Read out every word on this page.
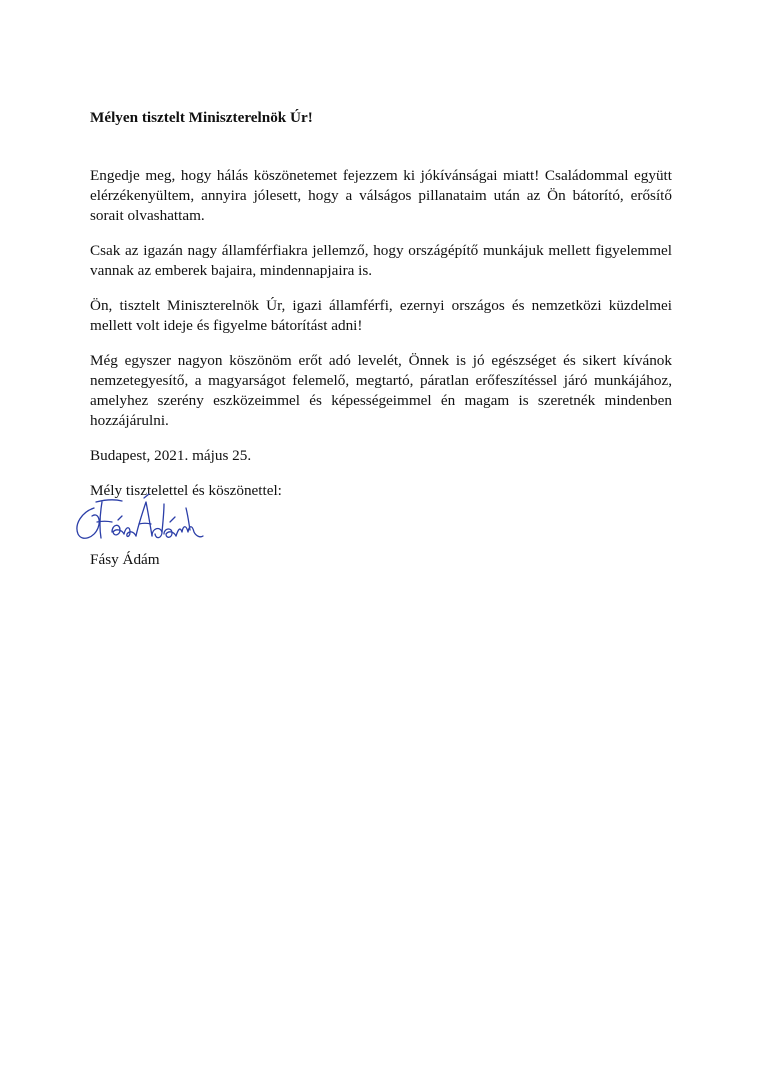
Mélyen tisztelt Miniszterelnök Úr!

Engedje meg, hogy hálás köszönetemet fejezzem ki jókívánságai miatt! Családommal együtt elérzékenyültem, annyira jólesett, hogy a válságos pillanataim után az Ön bátorító, erősítő sorait olvashattam.

Csak az igazán nagy államférfiakra jellemző, hogy országépítő munkájuk mellett figyelemmel vannak az emberek bajaira, mindennapjaira is.

Ön, tisztelt Miniszterelnök Úr, igazi államférfi, ezernyi országos és nemzetközi küzdelmei mellett volt ideje és figyelme bátorítást adni!

Még egyszer nagyon köszönöm erőt adó levelét, Önnek is jó egészséget és sikert kívánok nemzetegyesítő, a magyarságot felemelő, megtartó, páratlan erőfeszítéssel járó munkájához, amelyhez szerény eszközeimmel és képességeimmel én magam is szeretnék mindenben hozzájárulni.

Budapest, 2021. május 25.

Mély tisztelettel és köszönettel:

Fásy Ádám
